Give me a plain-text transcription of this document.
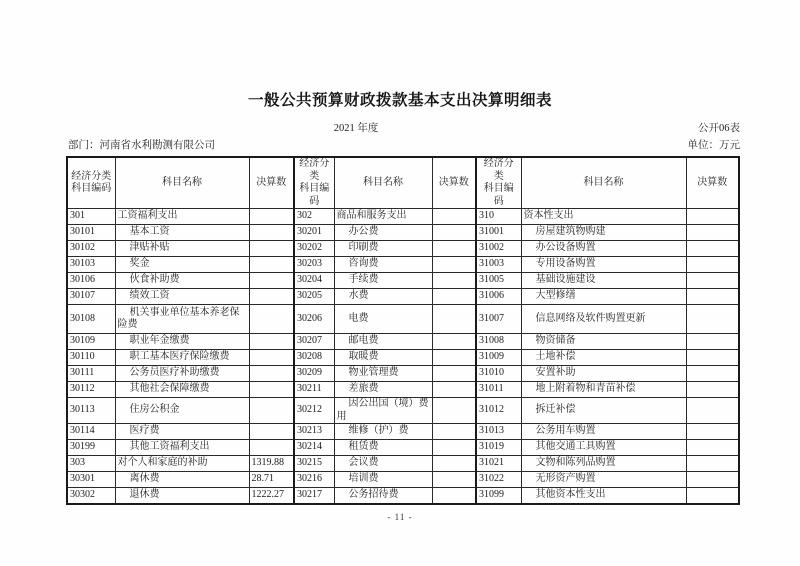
一般公共预算财政拨款基本支出决算明细表
2021 年度	公开06表
部门：河南省水利勘测有限公司	单位：万元
经济分类
科目编码
	科目名称	决算数	
经济分类
科目编码
	科目名称	决算数	
经济分类
科目编码
	科目名称	决算数
301	工资福利支出		302	商品和服务支出		310	资本性支出	
30101	基本工资		30201	办公费		31001	房屋建筑物购建	
30102	津贴补贴		30202	印刷费		31002	办公设备购置	
30103	奖金		30203	咨询费		31003	专用设备购置	
30106	伙食补助费		30204	手续费		31005	基础设施建设	
30107	绩效工资		30205	水费		31006	大型修缮	
30108	机关事业单位基本养老保险费		30206	电费		31007	信息网络及软件购置更新	
30109	职业年金缴费		30207	邮电费		31008	物资储备	
30110	职工基本医疗保险缴费		30208	取暖费		31009	土地补偿	
30111	公务员医疗补助缴费		30209	物业管理费		31010	安置补助	
30112	其他社会保障缴费		30211	差旅费		31011	地上附着物和青苗补偿	
30113	住房公积金		30212	因公出国（境）费用		31012	拆迁补偿	
30114	医疗费		30213	维修（护）费		31013	公务用车购置	
30199	其他工资福利支出		30214	租赁费		31019	其他交通工具购置	
303	对个人和家庭的补助	1319.88	30215	会议费		31021	文物和陈列品购置	
30301	离休费	28.71	30216	培训费		31022	无形资产购置	
30302	退休费	1222.27	30217	公务招待费		31099	其他资本性支出	
- 11 -
